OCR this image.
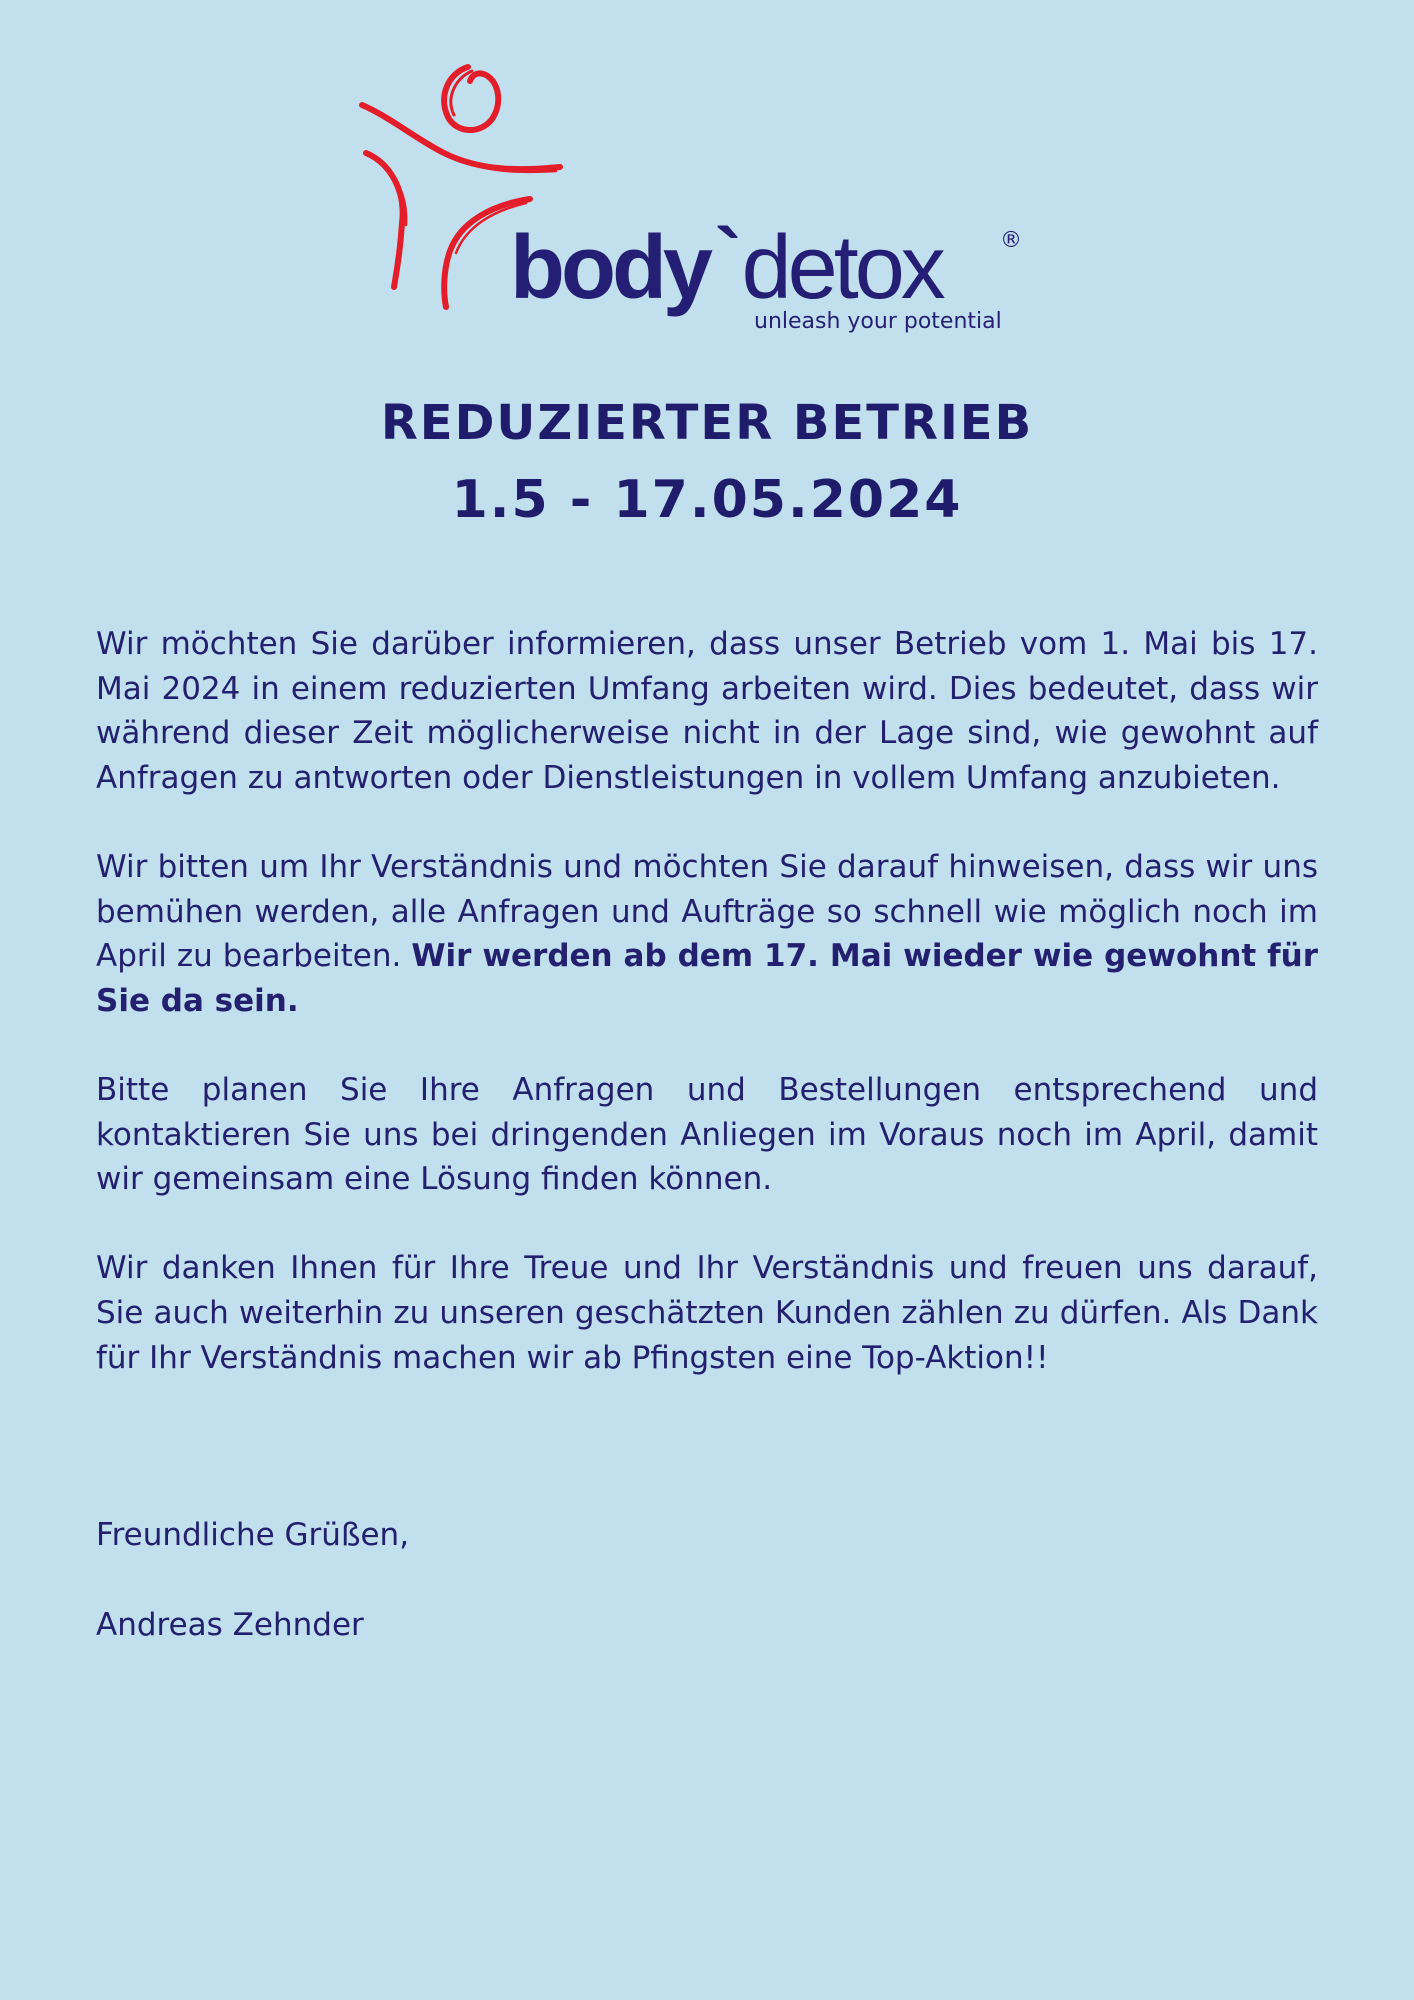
body`detox	®
unleash your potential
REDUZIERTER BETRIEB
1.5 - 17.05.2024

Wir möchten Sie darüber informieren, dass unser Betrieb vom 1. Mai bis 17. Mai 2024 in einem reduzierten Umfang arbeiten wird. Dies bedeutet, dass wir während dieser Zeit möglicherweise nicht in der Lage sind, wie gewohnt auf Anfragen zu antworten oder Dienstleistungen in vollem Umfang anzubieten.

Wir bitten um Ihr Verständnis und möchten Sie darauf hinweisen, dass wir uns bemühen werden, alle Anfragen und Aufträge so schnell wie möglich noch im April zu bearbeiten. Wir werden ab dem 17. Mai wieder wie gewohnt für Sie da sein.

Bitte planen Sie Ihre Anfragen und Bestellungen entsprechend und kontaktieren Sie uns bei dringenden Anliegen im Voraus noch im April, damit wir gemeinsam eine Lösung finden können.

Wir danken Ihnen für Ihre Treue und Ihr Verständnis und freuen uns darauf, Sie auch weiterhin zu unseren geschätzten Kunden zählen zu dürfen. Als Dank für Ihr Verständnis machen wir ab Pfingsten eine Top-Aktion!!

Freundliche Grüßen,
Andreas Zehnder
